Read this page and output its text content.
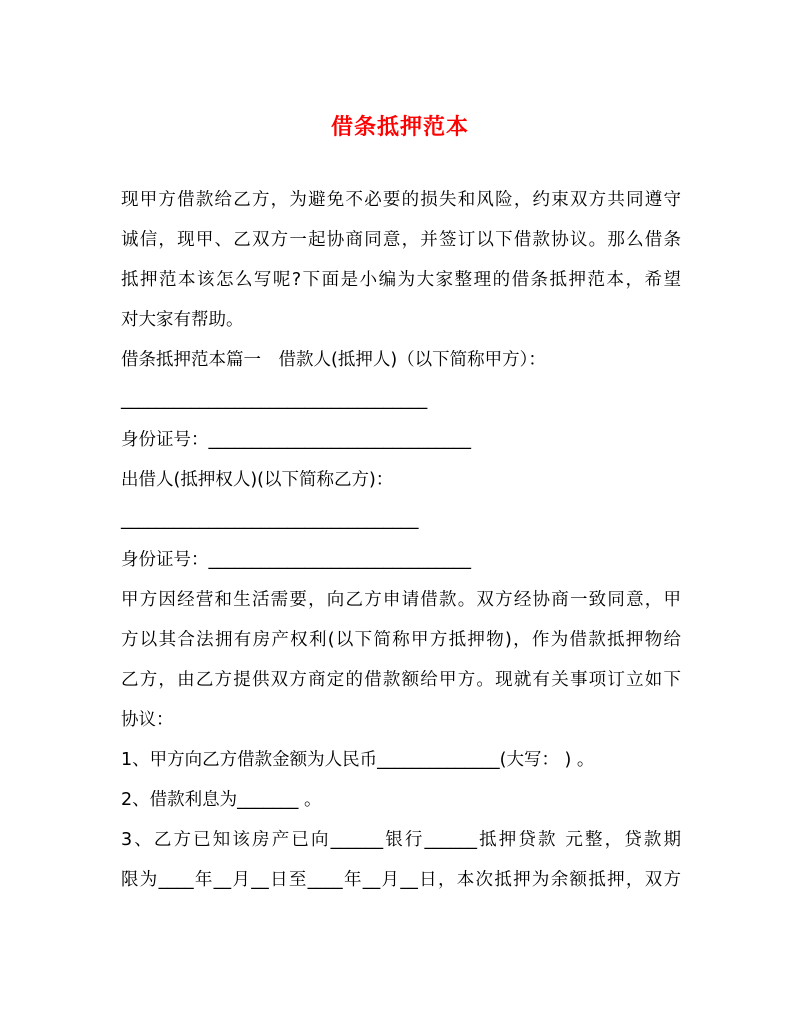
借条抵押范本
现甲方借款给乙方，为避免不必要的损失和风险，约束双方共同遵守
诚信，现甲、乙双方一起协商同意，并签订以下借款协议。那么借条
抵押范本该怎么写呢?下面是小编为大家整理的借条抵押范本，希望
对大家有帮助。
借条抵押范本篇一　借款人(抵押人)（以下简称甲方）：
___________________________________
身份证号：______________________________
出借人(抵押权人)(以下简称乙方)：
__________________________________
身份证号：______________________________
甲方因经营和生活需要，向乙方申请借款。双方经协商一致同意，甲
方以其合法拥有房产权利(以下简称甲方抵押物)，作为借款抵押物给
乙方，由乙方提供双方商定的借款额给甲方。现就有关事项订立如下
协议：
1、甲方向乙方借款金额为人民币______________(大写： ) 。
2、借款利息为_______ 。
3、乙方已知该房产已向______银行______抵押贷款 元整，贷款期
限为____年__月__日至____年__月__日，本次抵押为余额抵押，双方
